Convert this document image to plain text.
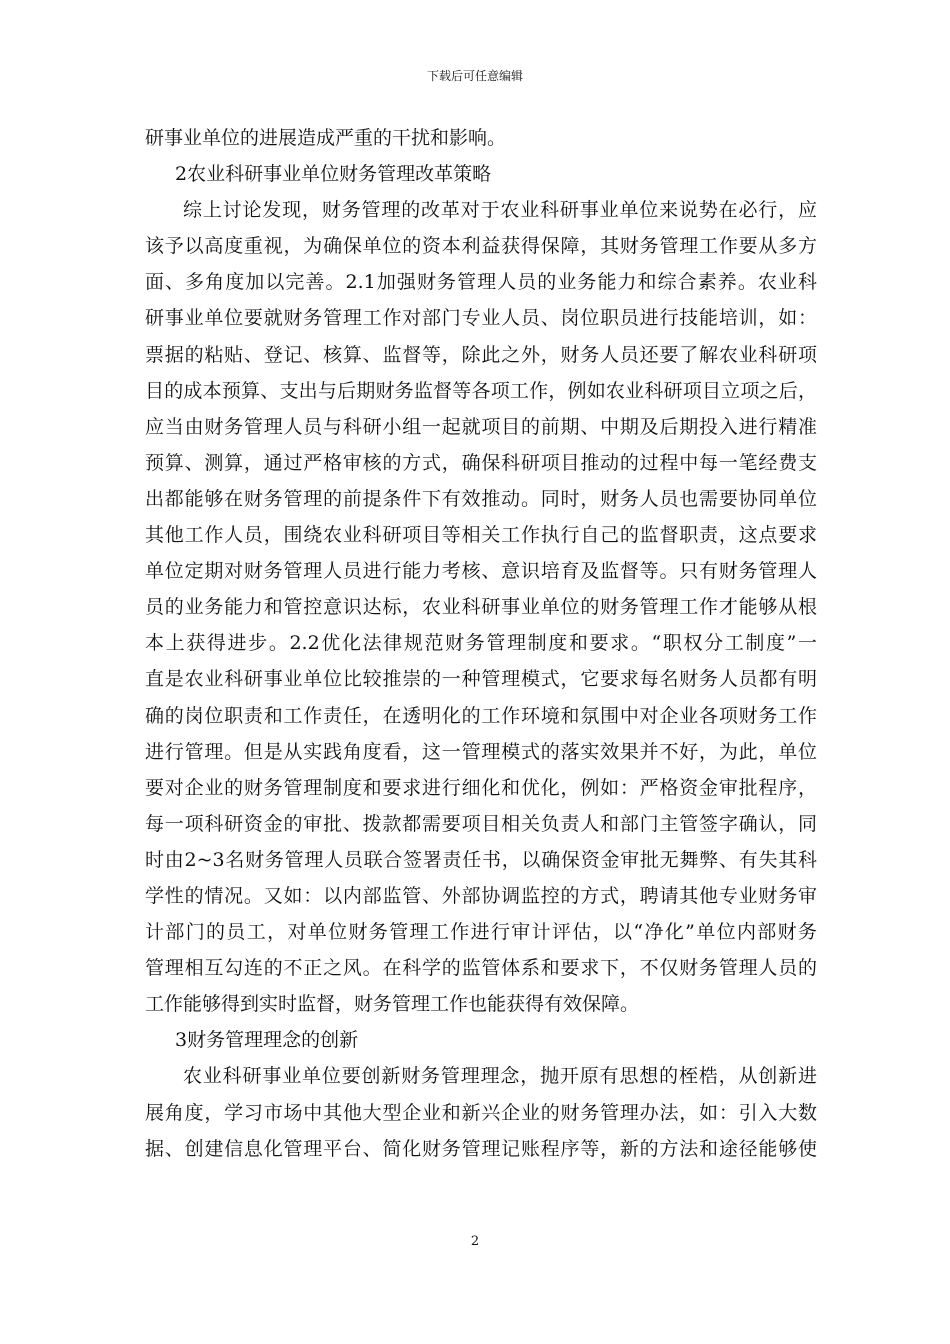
下载后可任意编辑
研事业单位的进展造成严重的干扰和影响。
2农业科研事业单位财务管理改革策略
综上讨论发现，财务管理的改革对于农业科研事业单位来说势在必行，应
该予以高度重视，为确保单位的资本利益获得保障，其财务管理工作要从多方
面、多角度加以完善。2.1加强财务管理人员的业务能力和综合素养。农业科
研事业单位要就财务管理工作对部门专业人员、岗位职员进行技能培训，如：
票据的粘贴、登记、核算、监督等，除此之外，财务人员还要了解农业科研项
目的成本预算、支出与后期财务监督等各项工作，例如农业科研项目立项之后，
应当由财务管理人员与科研小组一起就项目的前期、中期及后期投入进行精准
预算、测算，通过严格审核的方式，确保科研项目推动的过程中每一笔经费支
出都能够在财务管理的前提条件下有效推动。同时，财务人员也需要协同单位
其他工作人员，围绕农业科研项目等相关工作执行自己的监督职责，这点要求
单位定期对财务管理人员进行能力考核、意识培育及监督等。只有财务管理人
员的业务能力和管控意识达标，农业科研事业单位的财务管理工作才能够从根
本上获得进步。2.2优化法律规范财务管理制度和要求。“职权分工制度”一
直是农业科研事业单位比较推崇的一种管理模式，它要求每名财务人员都有明
确的岗位职责和工作责任，在透明化的工作环境和氛围中对企业各项财务工作
进行管理。但是从实践角度看，这一管理模式的落实效果并不好，为此，单位
要对企业的财务管理制度和要求进行细化和优化，例如：严格资金审批程序，
每一项科研资金的审批、拨款都需要项目相关负责人和部门主管签字确认，同
时由2~3名财务管理人员联合签署责任书，以确保资金审批无舞弊、有失其科
学性的情况。又如：以内部监管、外部协调监控的方式，聘请其他专业财务审
计部门的员工，对单位财务管理工作进行审计评估，以“净化”单位内部财务
管理相互勾连的不正之风。在科学的监管体系和要求下，不仅财务管理人员的
工作能够得到实时监督，财务管理工作也能获得有效保障。
3财务管理理念的创新
农业科研事业单位要创新财务管理理念，抛开原有思想的桎梏，从创新进
展角度，学习市场中其他大型企业和新兴企业的财务管理办法，如：引入大数
据、创建信息化管理平台、简化财务管理记账程序等，新的方法和途径能够使
2
